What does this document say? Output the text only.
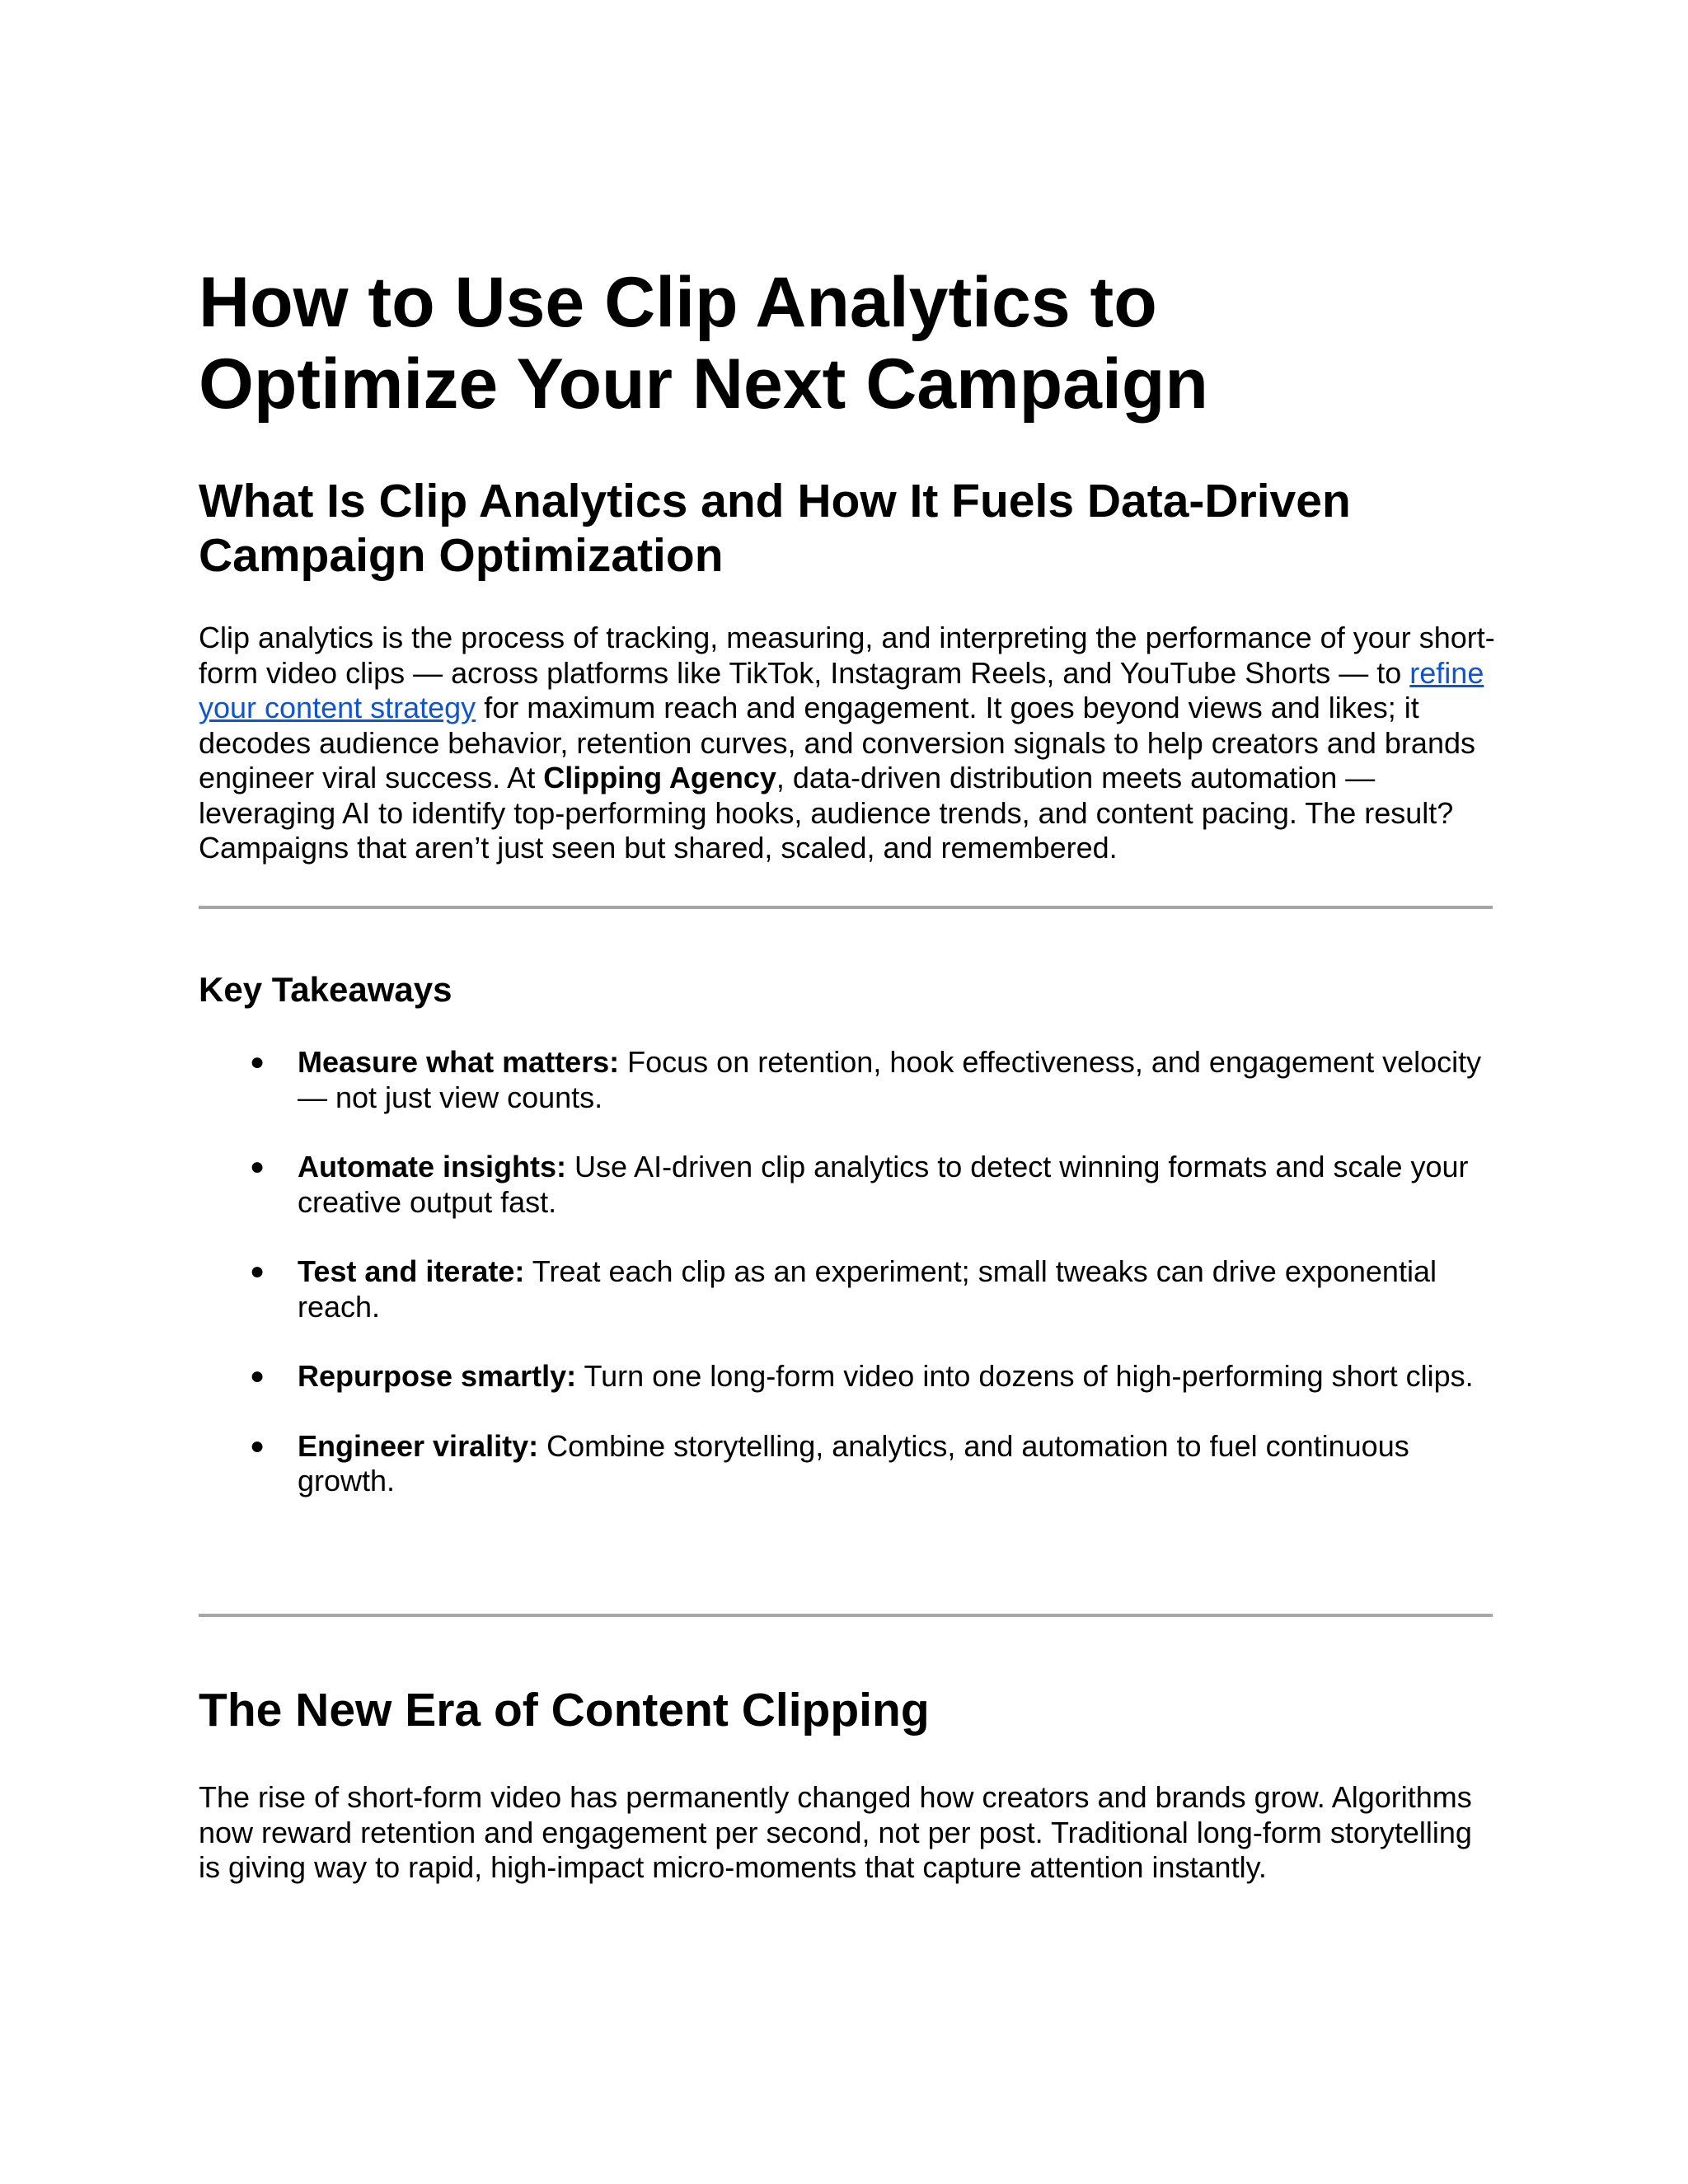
How to Use Clip Analytics to
Optimize Your Next Campaign
What Is Clip Analytics and How It Fuels Data-Driven
Campaign Optimization

Clip analytics is the process of tracking, measuring, and interpreting the performance of your short-form video clips — across platforms like TikTok, Instagram Reels, and YouTube Shorts — to refine your content strategy for maximum reach and engagement. It goes beyond views and likes; it decodes audience behavior, retention curves, and conversion signals to help creators and brands engineer viral success. At Clipping Agency, data-driven distribution meets automation — leveraging AI to identify top-performing hooks, audience trends, and content pacing. The result? Campaigns that aren’t just seen but shared, scaled, and remembered.

Key Takeaways
● Measure what matters: Focus on retention, hook effectiveness, and engagement velocity — not just view counts.
● Automate insights: Use AI-driven clip analytics to detect winning formats and scale your creative output fast.
● Test and iterate: Treat each clip as an experiment; small tweaks can drive exponential reach.
● Repurpose smartly: Turn one long-form video into dozens of high-performing short clips.
● Engineer virality: Combine storytelling, analytics, and automation to fuel continuous growth.
The New Era of Content Clipping

The rise of short-form video has permanently changed how creators and brands grow. Algorithms now reward retention and engagement per second, not per post. Traditional long-form storytelling is giving way to rapid, high-impact micro-moments that capture attention instantly.
